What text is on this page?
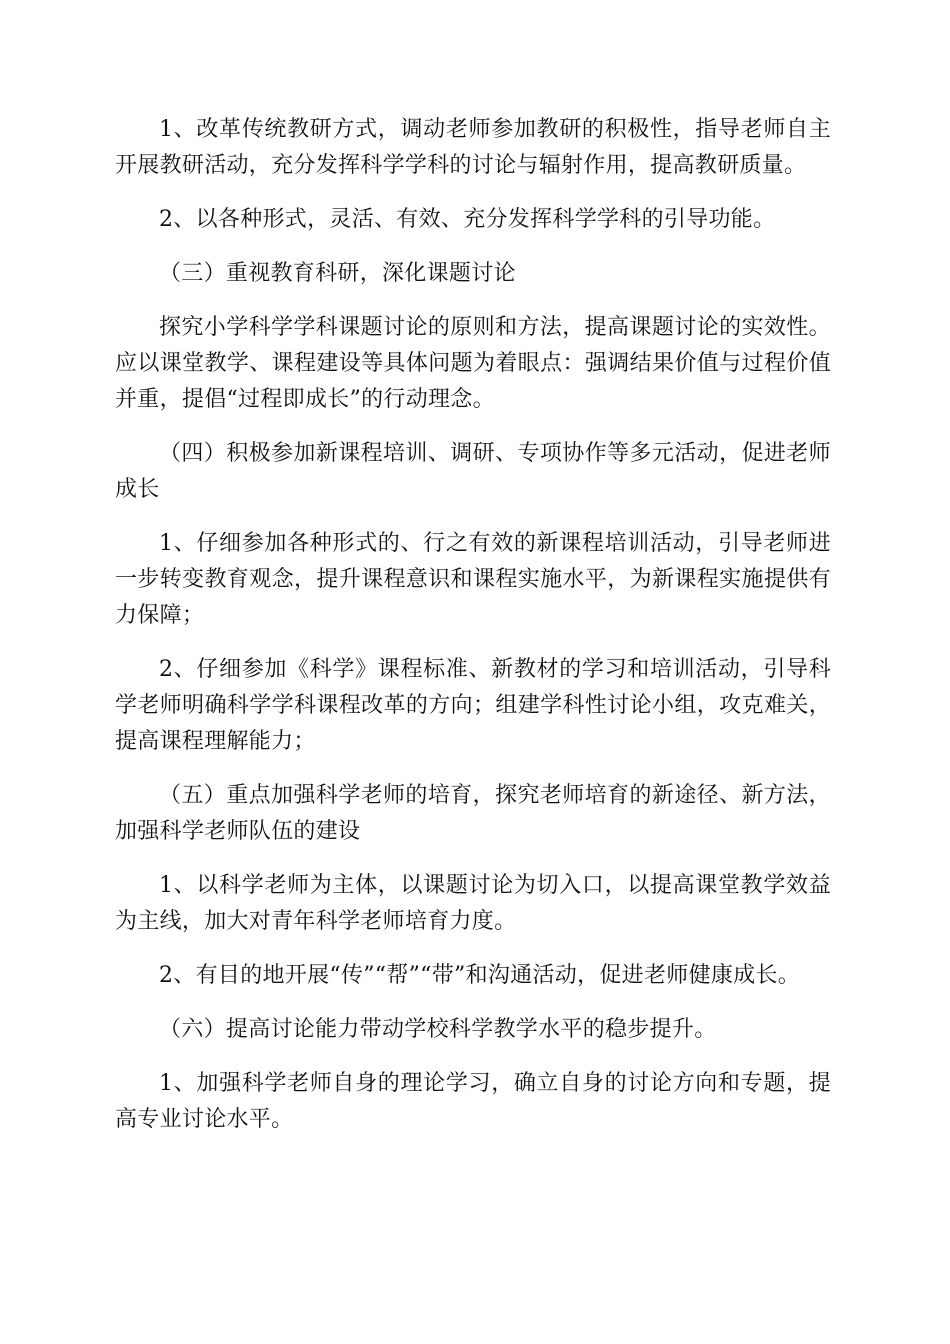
1、改革传统教研方式，调动老师参加教研的积极性，指导老师自主开展教研活动，充分发挥科学学科的讨论与辐射作用，提高教研质量。

2、以各种形式，灵活、有效、充分发挥科学学科的引导功能。

（三）重视教育科研，深化课题讨论

探究小学科学学科课题讨论的原则和方法，提高课题讨论的实效性。应以课堂教学、课程建设等具体问题为着眼点：强调结果价值与过程价值并重，提倡“过程即成长”的行动理念。

（四）积极参加新课程培训、调研、专项协作等多元活动，促进老师成长

1、仔细参加各种形式的、行之有效的新课程培训活动，引导老师进一步转变教育观念，提升课程意识和课程实施水平，为新课程实施提供有力保障；

2、仔细参加《科学》课程标准、新教材的学习和培训活动，引导科学老师明确科学学科课程改革的方向；组建学科性讨论小组，攻克难关，提高课程理解能力；

（五）重点加强科学老师的培育，探究老师培育的新途径、新方法，加强科学老师队伍的建设

1、以科学老师为主体，以课题讨论为切入口，以提高课堂教学效益为主线，加大对青年科学老师培育力度。

2、有目的地开展“传”“帮”“带”和沟通活动，促进老师健康成长。

（六）提高讨论能力带动学校科学教学水平的稳步提升。

1、加强科学老师自身的理论学习，确立自身的讨论方向和专题，提高专业讨论水平。
